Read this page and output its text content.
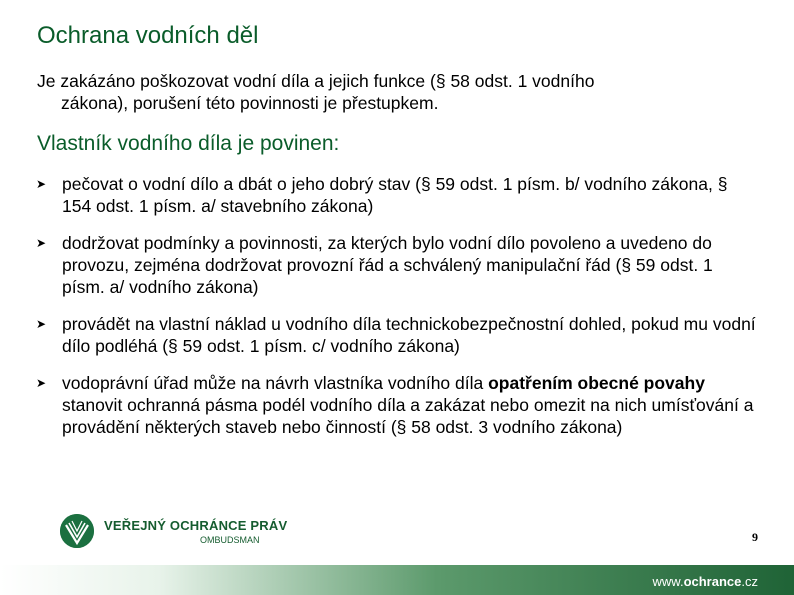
Ochrana vodních děl
Je zakázáno poškozovat vodní díla a jejich funkce (§ 58 odst. 1 vodního
zákona), porušení této povinnosti je přestupkem.
Vlastník vodního díla je povinen:
➤ pečovat o vodní dílo a dbát o jeho dobrý stav (§ 59 odst. 1 písm. b/ vodního zákona, § 154 odst. 1 písm. a/ stavebního zákona)
➤ dodržovat podmínky a povinnosti, za kterých bylo vodní dílo povoleno a uvedeno do provozu, zejména dodržovat provozní řád a schválený manipulační řád (§ 59 odst. 1 písm. a/ vodního zákona)
➤ provádět na vlastní náklad u vodního díla technickobezpečnostní dohled, pokud mu vodní dílo podléhá (§ 59 odst. 1 písm. c/ vodního zákona)
➤ vodoprávní úřad může na návrh vlastníka vodního díla opatřením obecné povahy stanovit ochranná pásma podél vodního díla a zakázat nebo omezit na nich umísťování a provádění některých staveb nebo činností (§ 58 odst. 3 vodního zákona)
VEŘEJNÝ OCHRÁNCE PRÁV
OMBUDSMAN	9
www.ochrance.cz
